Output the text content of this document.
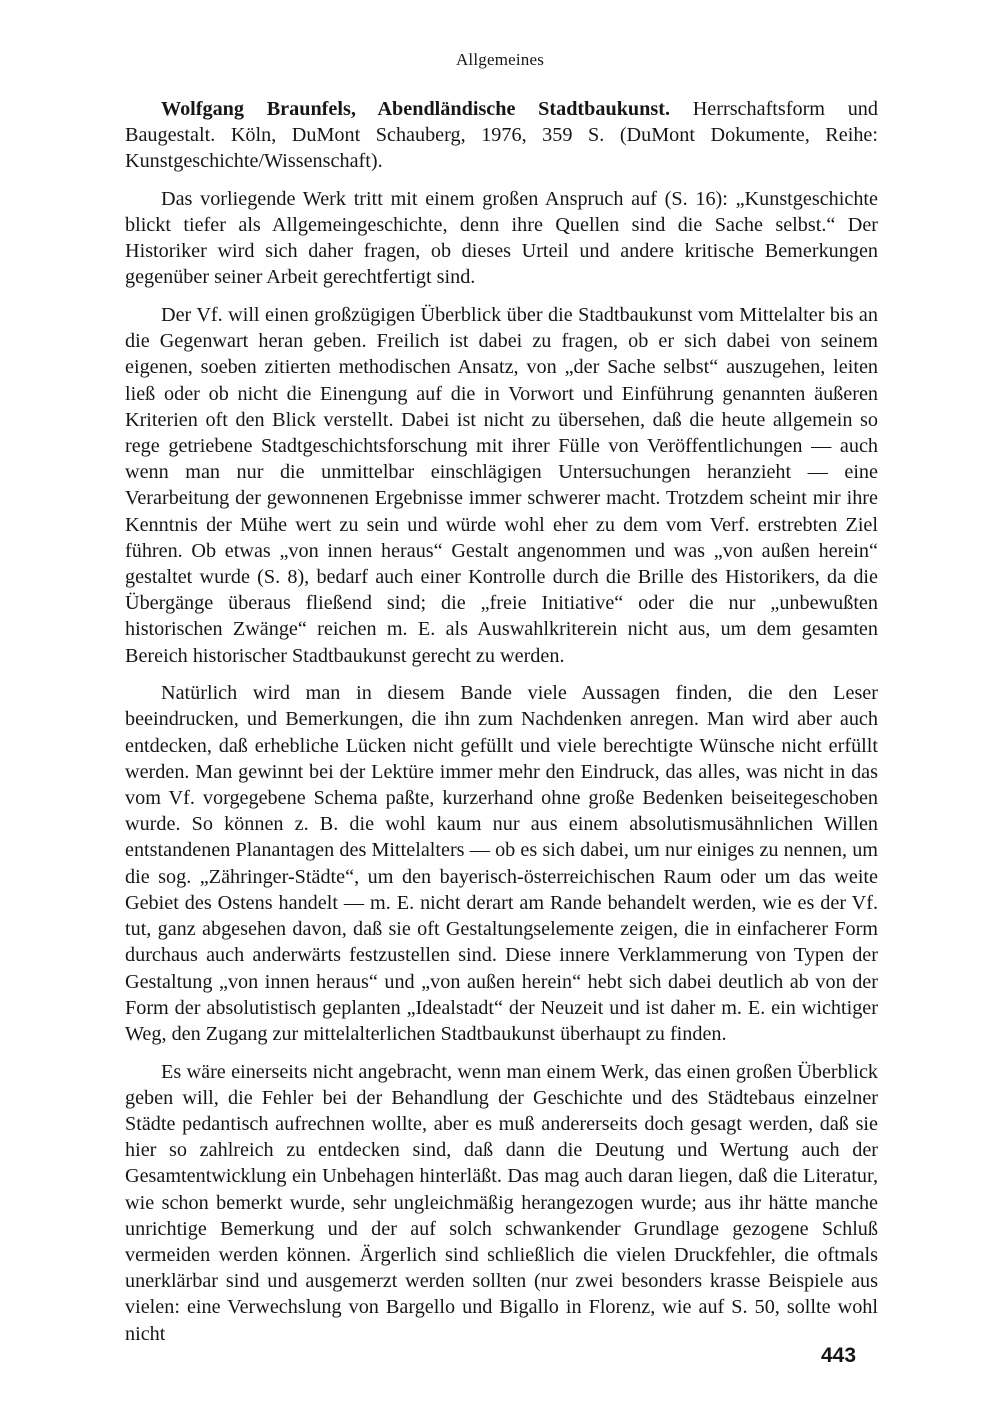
Allgemeines

Wolfgang Braunfels, Abendländische Stadtbaukunst. Herrschaftsform und Baugestalt. Köln, DuMont Schauberg, 1976, 359 S. (DuMont Dokumente, Reihe: Kunstgeschichte/Wissenschaft).

Das vorliegende Werk tritt mit einem großen Anspruch auf (S. 16): „Kunstgeschichte blickt tiefer als Allgemeingeschichte, denn ihre Quellen sind die Sache selbst.“ Der Historiker wird sich daher fragen, ob dieses Urteil und andere kritische Bemerkungen gegenüber seiner Arbeit gerechtfertigt sind.

Der Vf. will einen großzügigen Überblick über die Stadtbaukunst vom Mittelalter bis an die Gegenwart heran geben. Freilich ist dabei zu fragen, ob er sich dabei von seinem eigenen, soeben zitierten methodischen Ansatz, von „der Sache selbst“ auszugehen, leiten ließ oder ob nicht die Einengung auf die in Vorwort und Einführung genannten äußeren Kriterien oft den Blick verstellt. Dabei ist nicht zu übersehen, daß die heute allgemein so rege getriebene Stadtgeschichtsforschung mit ihrer Fülle von Veröffentlichungen — auch wenn man nur die unmittelbar einschlägigen Untersuchungen heranzieht — eine Verarbeitung der gewonnenen Ergebnisse immer schwerer macht. Trotzdem scheint mir ihre Kenntnis der Mühe wert zu sein und würde wohl eher zu dem vom Verf. erstrebten Ziel führen. Ob etwas „von innen heraus“ Gestalt angenommen und was „von außen herein“ gestaltet wurde (S. 8), bedarf auch einer Kontrolle durch die Brille des Historikers, da die Übergänge überaus fließend sind; die „freie Initiative“ oder die nur „unbewußten historischen Zwänge“ reichen m. E. als Auswahlkriterein nicht aus, um dem gesamten Bereich historischer Stadtbaukunst gerecht zu werden.

Natürlich wird man in diesem Bande viele Aussagen finden, die den Leser beeindrucken, und Bemerkungen, die ihn zum Nachdenken anregen. Man wird aber auch entdecken, daß erhebliche Lücken nicht gefüllt und viele berechtigte Wünsche nicht erfüllt werden. Man gewinnt bei der Lektüre immer mehr den Eindruck, das alles, was nicht in das vom Vf. vorgegebene Schema paßte, kurzerhand ohne große Bedenken beiseitegeschoben wurde. So können z. B. die wohl kaum nur aus einem absolutismusähnlichen Willen entstandenen Planantagen des Mittelalters — ob es sich dabei, um nur einiges zu nennen, um die sog. „Zähringer-Städte“, um den bayerisch-österreichischen Raum oder um das weite Gebiet des Ostens handelt — m. E. nicht derart am Rande behandelt werden, wie es der Vf. tut, ganz abgesehen davon, daß sie oft Gestaltungselemente zeigen, die in einfacherer Form durchaus auch anderwärts festzustellen sind. Diese innere Verklammerung von Typen der Gestaltung „von innen heraus“ und „von außen herein“ hebt sich dabei deutlich ab von der Form der absolutistisch geplanten „Idealstadt“ der Neuzeit und ist daher m. E. ein wichtiger Weg, den Zugang zur mittelalterlichen Stadtbaukunst überhaupt zu finden.

Es wäre einerseits nicht angebracht, wenn man einem Werk, das einen großen Überblick geben will, die Fehler bei der Behandlung der Geschichte und des Städtebaus einzelner Städte pedantisch aufrechnen wollte, aber es muß andererseits doch gesagt werden, daß sie hier so zahlreich zu entdecken sind, daß dann die Deutung und Wertung auch der Gesamtentwicklung ein Unbehagen hinterläßt. Das mag auch daran liegen, daß die Literatur, wie schon bemerkt wurde, sehr ungleichmäßig herangezogen wurde; aus ihr hätte manche unrichtige Bemerkung und der auf solch schwankender Grundlage gezogene Schluß vermeiden werden können. Ärgerlich sind schließlich die vielen Druckfehler, die oftmals unerklärbar sind und ausgemerzt werden sollten (nur zwei besonders krasse Beispiele aus vielen: eine Verwechslung von Bargello und Bigallo in Florenz, wie auf S. 50, sollte wohl nicht

443
